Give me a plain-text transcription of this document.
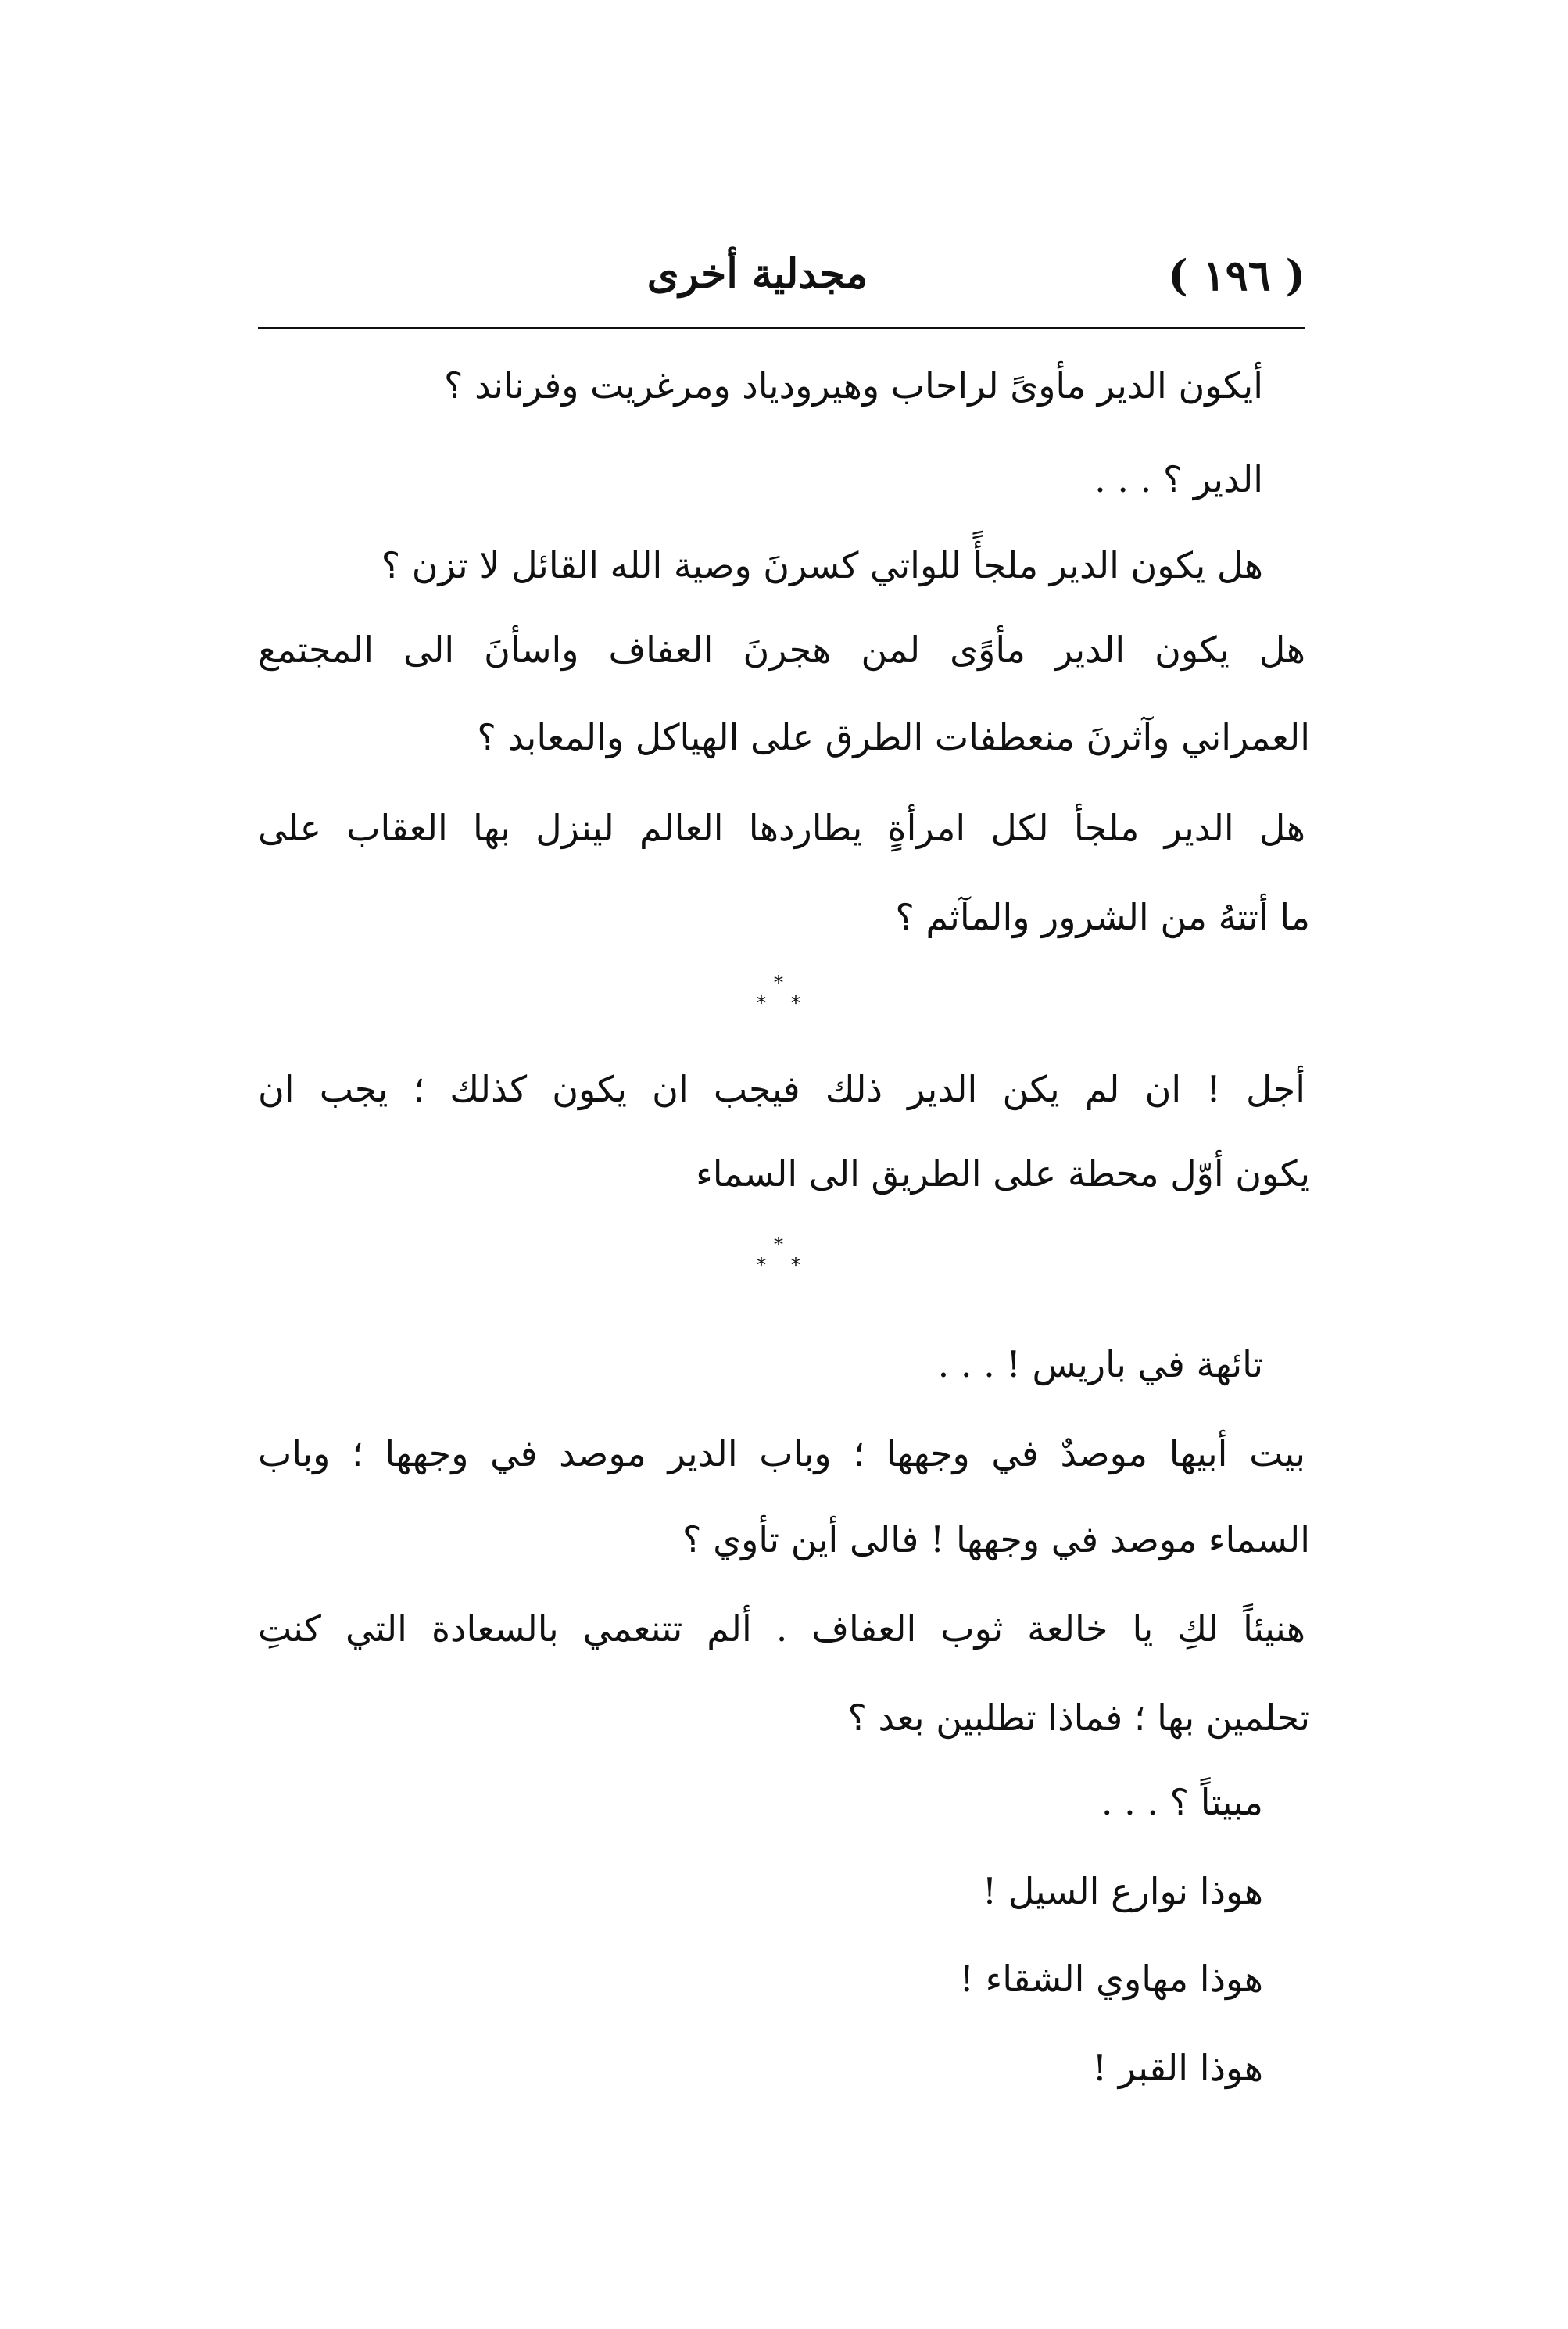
( ١٩٦ )
مجدلية أخرى
أيكون الدير مأوىً لراحاب وهيرودياد ومرغريت وفرناند ؟
الدير ؟ . . .
هل يكون الدير ملجأً للواتي كسرنَ وصية الله القائل لا تزن ؟
هل يكون الدير مأوًى لمن هجرنَ العفاف واسأنَ الى المجتمع
العمراني وآثرنَ منعطفات الطرق على الهياكل والمعابد ؟
هل الدير ملجأ لكل امرأةٍ يطاردها العالم لينزل بها العقاب على
ما أتتهُ من الشرور والمآثم ؟
*
* *
أجل ! ان لم يكن الدير ذلك فيجب ان يكون كذلك ؛ يجب ان
يكون أوّل محطة على الطريق الى السماء
*
* *
تائهة في باريس ! . . .
بيت أبيها موصدٌ في وجهها ؛ وباب الدير موصد في وجهها ؛ وباب
السماء موصد في وجهها ! فالى أين تأوي ؟
هنيئاً لكِ يا خالعة ثوب العفاف . ألم تتنعمي بالسعادة التي كنتِ
تحلمين بها ؛ فماذا تطلبين بعد ؟
مبيتاً ؟ . . .
هوذا نوارع السيل !
هوذا مهاوي الشقاء !
هوذا القبر !
